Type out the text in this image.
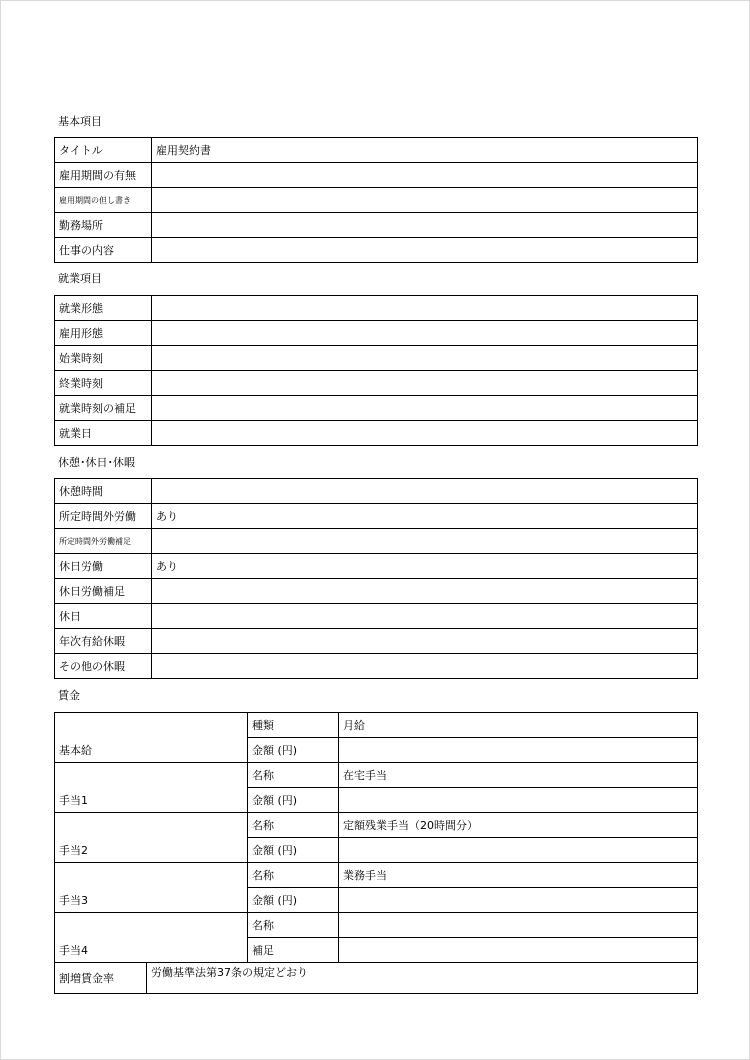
基本項目
タイトル	雇用契約書
雇用期間の有無	
雇用期間の但し書き	
勤務場所	
仕事の内容	
就業項目
就業形態	
雇用形態	
始業時刻	
終業時刻	
就業時刻の補足	
就業日	
休憩･休日･休暇
休憩時間	
所定時間外労働	あり
所定時間外労働補足	
休日労働	あり
休日労働補足	
休日	
年次有給休暇	
その他の休暇	
賃金
基本給		種類	月給
		金額 (円)	
手当1		名称	在宅手当
		金額 (円)	
手当2		名称	定額残業手当（20時間分）
		金額 (円)	
手当3		名称	業務手当
		金額 (円)	
手当4		名称	
		補足	
割増賃金率	労働基準法第37条の規定どおり		
